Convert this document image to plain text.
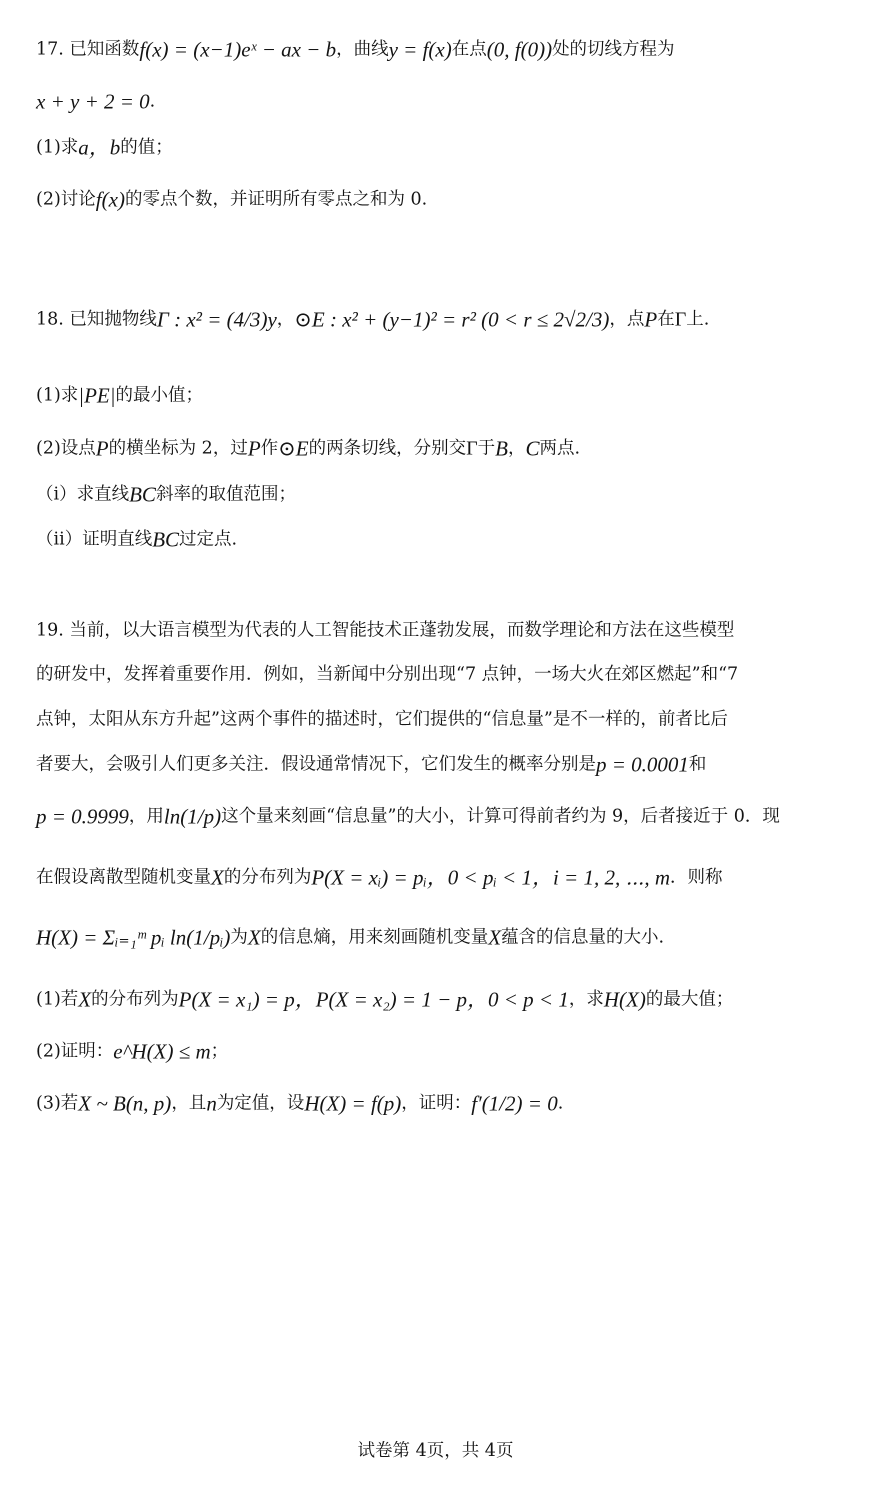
17. 已知函数f(x) = (x−1)eˣ − ax − b，曲线y = f(x)在点(0, f(0))处的切线方程为
x + y + 2 = 0.
(1)求a，b的值；
(2)讨论f(x)的零点个数，并证明所有零点之和为 0.
18. 已知抛物线Γ : x² = (4/3)y，⊙E : x² + (y−1)² = r² (0 < r ≤ 2√2/3)，点P在Γ上.
(1)求|PE|的最小值；
(2)设点P的横坐标为 2，过P作⊙E的两条切线，分别交Γ于B，C两点.
（i）求直线BC斜率的取值范围；
（ii）证明直线BC过定点.
19. 当前，以大语言模型为代表的人工智能技术正蓬勃发展，而数学理论和方法在这些模型
的研发中，发挥着重要作用．例如，当新闻中分别出现“7 点钟，一场大火在郊区燃起”和“7
点钟，太阳从东方升起”这两个事件的描述时，它们提供的“信息量”是不一样的，前者比后
者要大，会吸引人们更多关注．假设通常情况下，它们发生的概率分别是p = 0.0001和
p = 0.9999，用ln(1/p)这个量来刻画“信息量”的大小，计算可得前者约为 9，后者接近于 0．现
在假设离散型随机变量X的分布列为P(X = xᵢ) = pᵢ，0 < pᵢ < 1，i = 1, 2, ⋯, m．则称
H(X) = Σᵢ₌₁ᵐ pᵢ ln(1/pᵢ)为X的信息熵，用来刻画随机变量X蕴含的信息量的大小.
(1)若X的分布列为P(X = x₁) = p，P(X = x₂) = 1 − p，0 < p < 1，求H(X)的最大值；
(2)证明：e^H(X) ≤ m；
(3)若X ~ B(n, p)，且n为定值，设H(X) = f(p)，证明：f′(1/2) = 0.
试卷第 4页，共 4页
